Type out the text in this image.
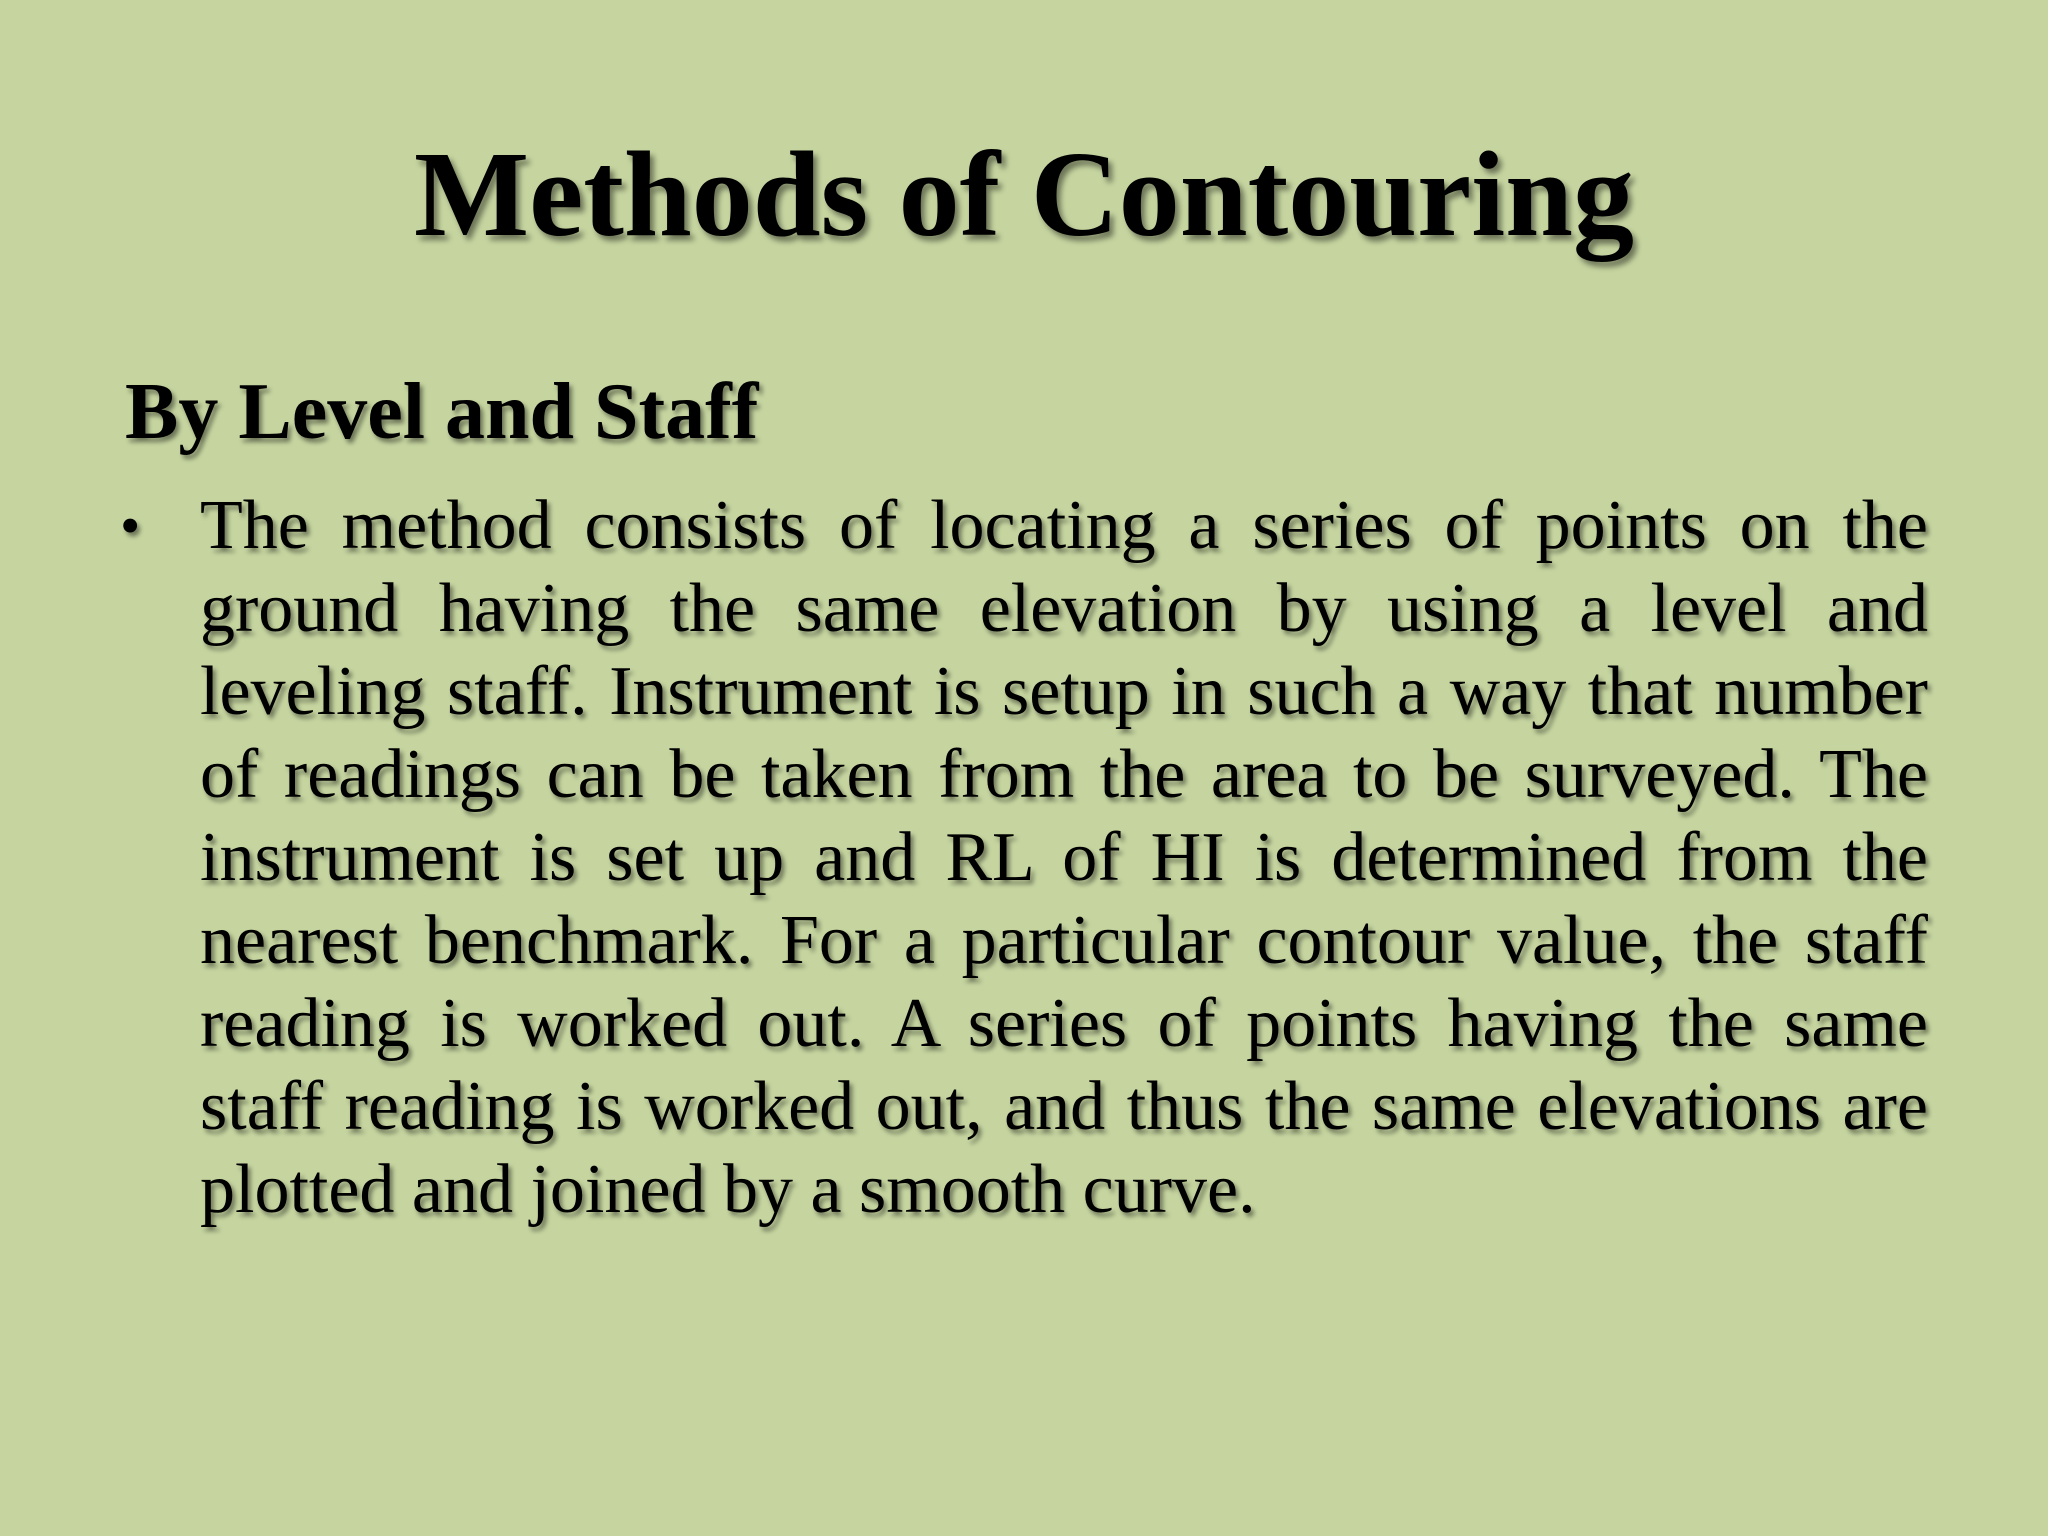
Methods of Contouring
By Level and Staff
• The method consists of locating a series of points on the ground having the same elevation by using a level and leveling staff. Instrument is setup in such a way that number of readings can be taken from the area to be surveyed. The instrument is set up and RL of HI is determined from the nearest benchmark. For a particular contour value, the staff reading is worked out. A series of points having the same staff reading is worked out, and thus the same elevations are plotted and joined by a smooth curve.
